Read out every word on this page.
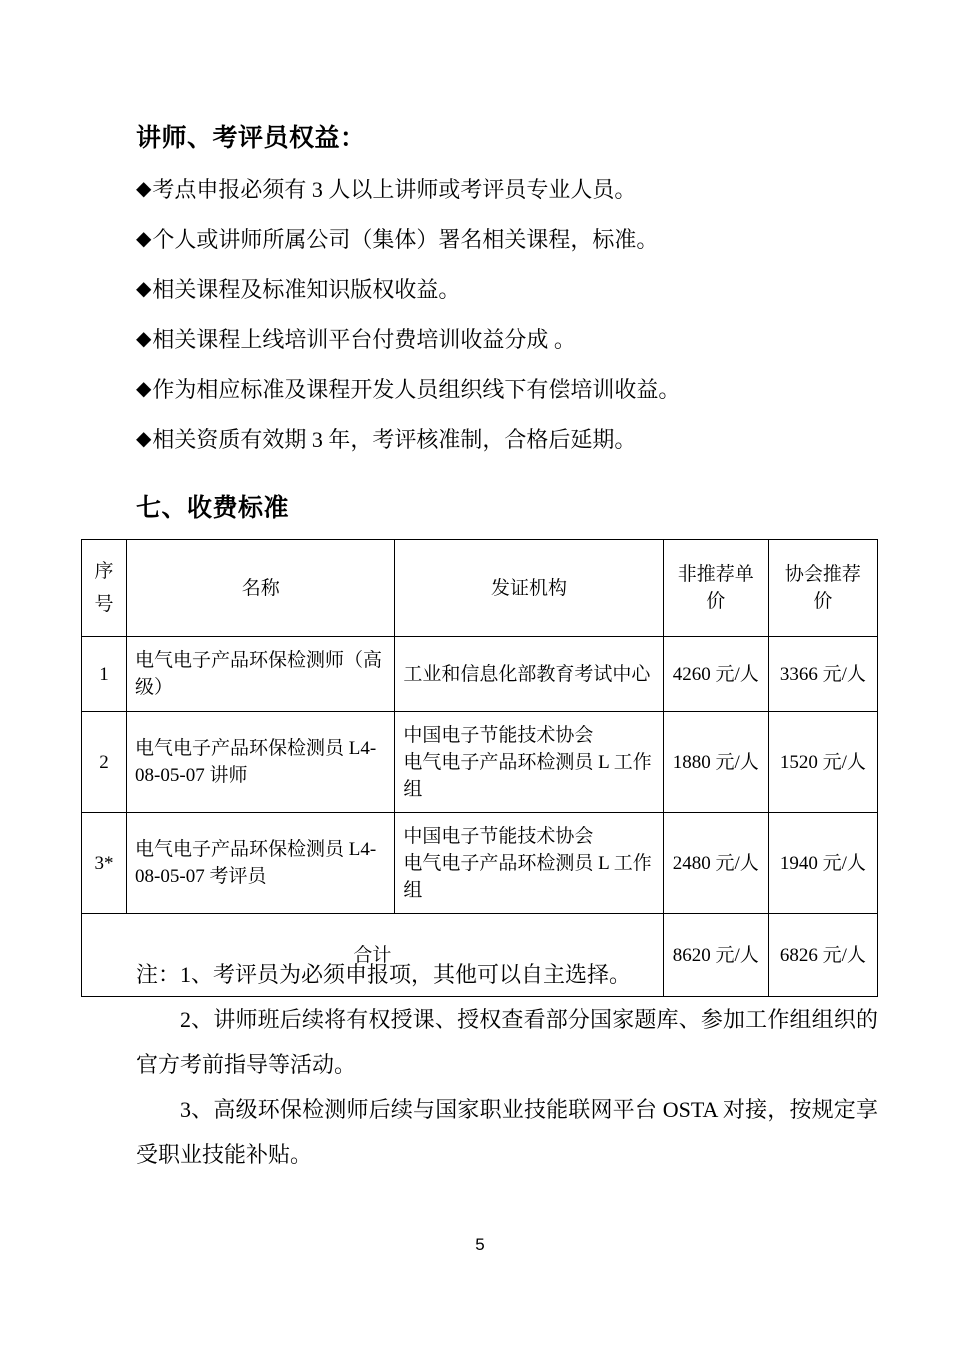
讲师、考评员权益：
◆ 考点申报必须有 3 人以上讲师或考评员专业人员。
◆ 个人或讲师所属公司（集体）署名相关课程，标准。
◆ 相关课程及标准知识版权收益。
◆ 相关课程上线培训平台付费培训收益分成 。
◆ 作为相应标准及课程开发人员组织线下有偿培训收益。
◆ 相关资质有效期 3 年，考评核准制，合格后延期。
七、收费标准
序
号	名称	发证机构	非推荐单价	协会推荐价
1	电气电子产品环保检测师（高级）	工业和信息化部教育考试中心	4260 元/人	3366 元/人
2	电气电子产品环保检测员 L4-08-05-07 讲师	中国电子节能技术协会
电气电子产品环检测员 L 工作组	1880 元/人	1520 元/人
3*	电气电子产品环保检测员 L4-08-05-07 考评员	中国电子节能技术协会
电气电子产品环检测员 L 工作组	2480 元/人	1940 元/人
合计			8620 元/人	6826 元/人
注：1、考评员为必须申报项，其他可以自主选择。
2、讲师班后续将有权授课、授权查看部分国家题库、参加工作组组织的官方考前指导等活动。
3、高级环保检测师后续与国家职业技能联网平台 OSTA 对接，按规定享受职业技能补贴。
5
